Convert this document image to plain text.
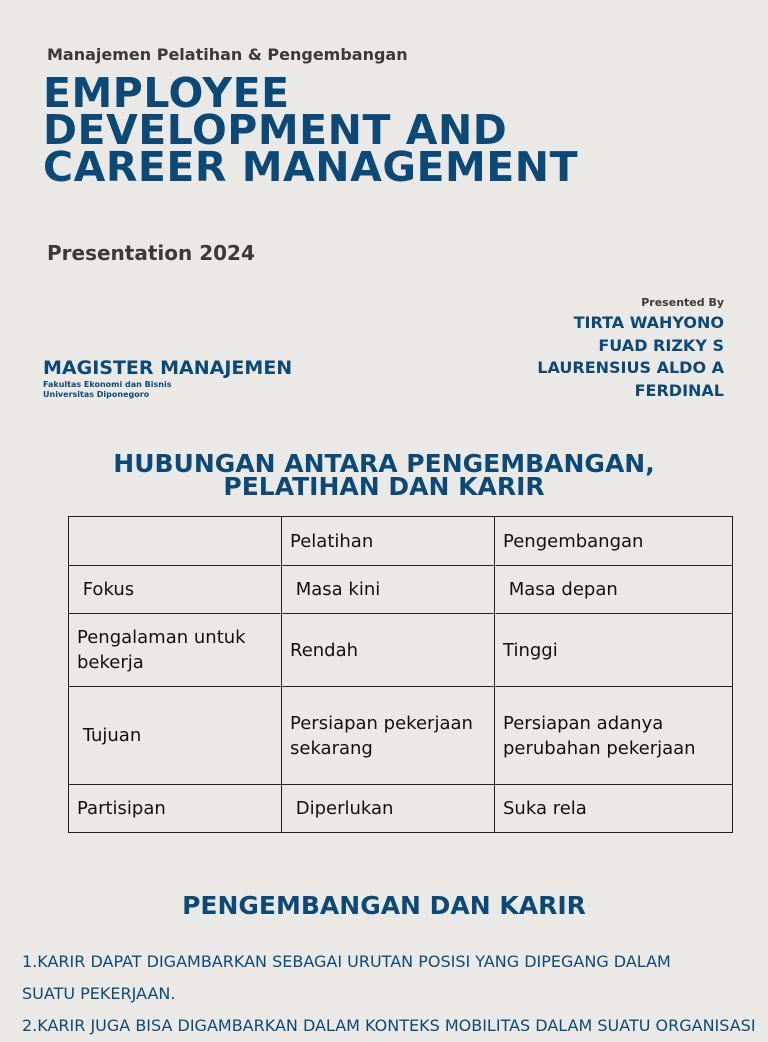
Manajemen Pelatihan & Pengembangan
EMPLOYEE
DEVELOPMENT AND
CAREER MANAGEMENT
Presentation 2024
Presented By
TIRTA WAHYONO
FUAD RIZKY S
LAURENSIUS ALDO A
FERDINAL
MAGISTER MANAJEMEN
Fakultas Ekonomi dan Bisnis
Universitas Diponegoro
HUBUNGAN ANTARA PENGEMBANGAN,
PELATIHAN DAN KARIR
	Pelatihan	Pengembangan
Fokus	Masa kini	Masa depan
Pengalaman untuk bekerja	Rendah	Tinggi
Tujuan	Persiapan pekerjaan sekarang	Persiapan adanya perubahan pekerjaan
Partisipan	Diperlukan	Suka rela
PENGEMBANGAN DAN KARIR
1.KARIR DAPAT DIGAMBARKAN SEBAGAI URUTAN POSISI YANG DIPEGANG DALAM
SUATU PEKERJAAN.
2.KARIR JUGA BISA DIGAMBARKAN DALAM KONTEKS MOBILITAS DALAM SUATU ORGANISASI
